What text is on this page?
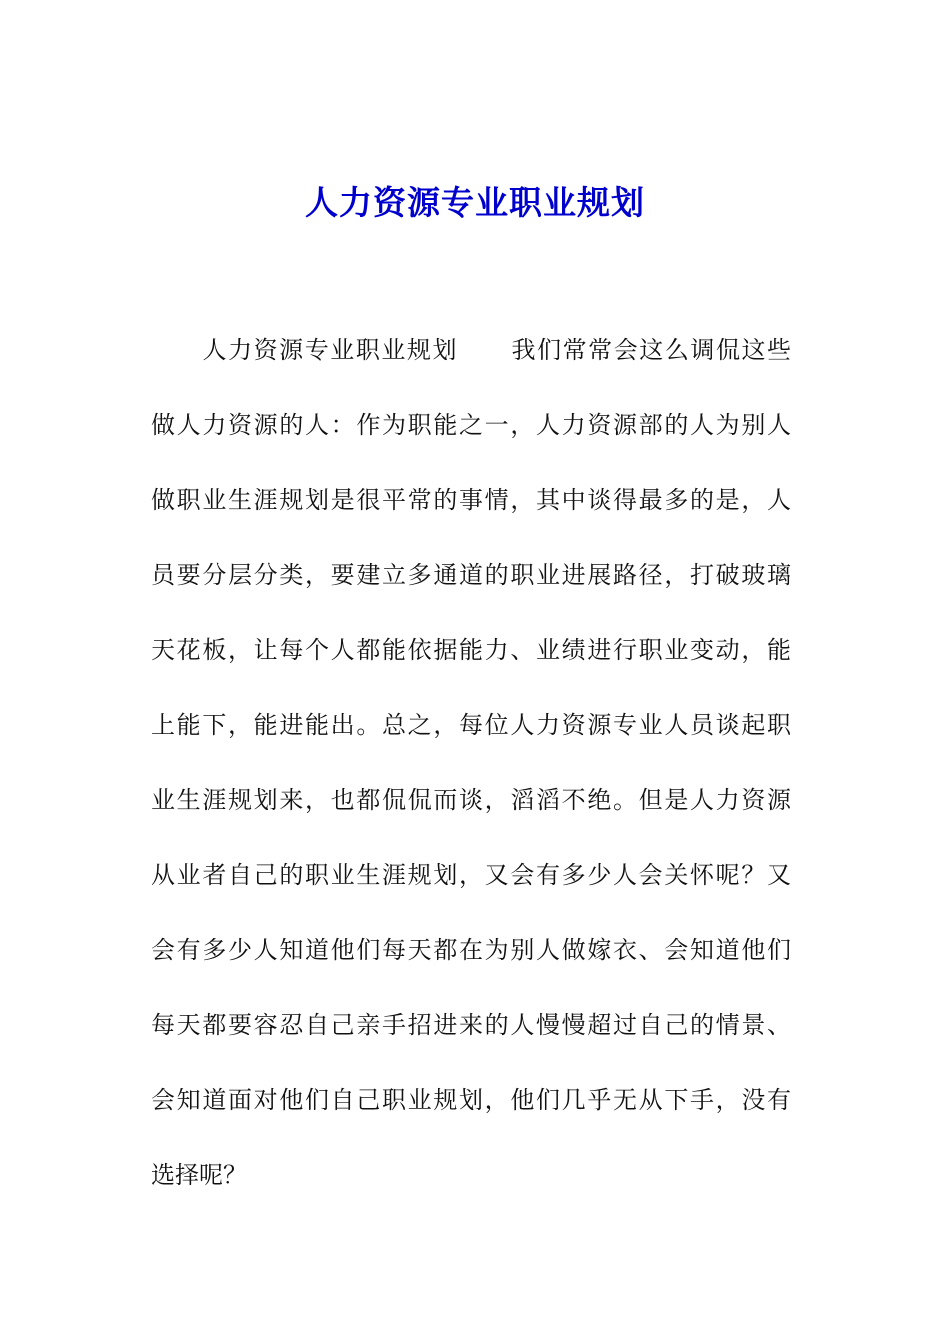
人力资源专业职业规划
人力资源专业职业规划 我们常常会这么调侃这些
做人力资源的人：作为职能之一，人力资源部的人为别人
做职业生涯规划是很平常的事情，其中谈得最多的是，人
员要分层分类，要建立多通道的职业进展路径，打破玻璃
天花板，让每个人都能依据能力、业绩进行职业变动，能
上能下，能进能出。总之，每位人力资源专业人员谈起职
业生涯规划来，也都侃侃而谈，滔滔不绝。但是人力资源
从业者自己的职业生涯规划，又会有多少人会关怀呢？又
会有多少人知道他们每天都在为别人做嫁衣、会知道他们
每天都要容忍自己亲手招进来的人慢慢超过自己的情景、
会知道面对他们自己职业规划，他们几乎无从下手，没有
选择呢？
